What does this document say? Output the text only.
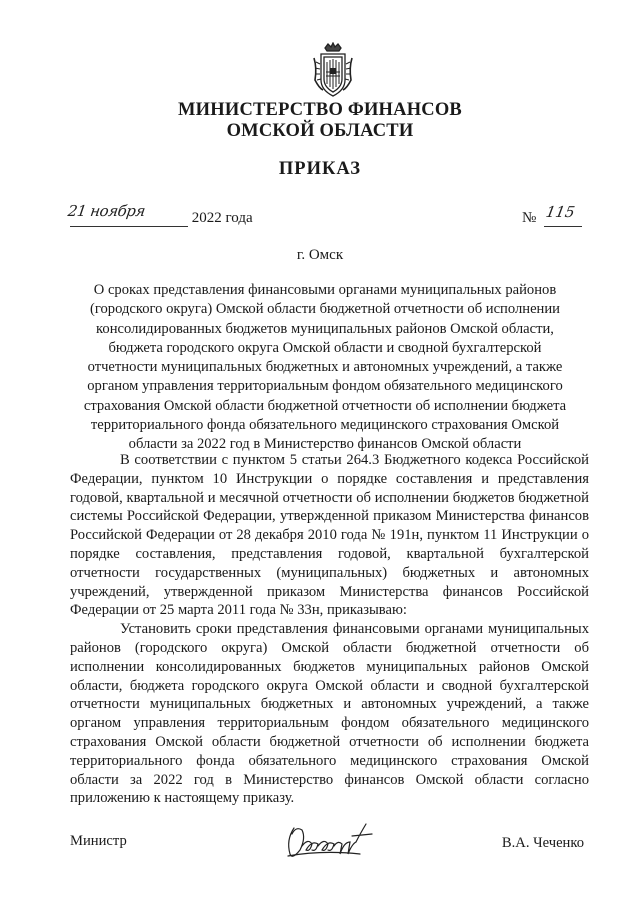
МИНИСТЕРСТВО ФИНАНСОВ
ОМСКОЙ ОБЛАСТИ
ПРИКАЗ
21 ноября	2022 года	№ 115
г. Омск
О сроках представления финансовыми органами муниципальных районов (городского округа) Омской области бюджетной отчетности об исполнении консолидированных бюджетов муниципальных районов Омской области, бюджета городского округа Омской области и сводной бухгалтерской отчетности муниципальных бюджетных и автономных учреждений, а также органом управления территориальным фондом обязательного медицинского страхования Омской области бюджетной отчетности об исполнении бюджета территориального фонда обязательного медицинского страхования Омской области за 2022 год в Министерство финансов Омской области

В соответствии с пунктом 5 статьи 264.3 Бюджетного кодекса Российской Федерации, пунктом 10 Инструкции о порядке составления и представления годовой, квартальной и месячной отчетности об исполнении бюджетов бюджетной системы Российской Федерации, утвержденной приказом Министерства финансов Российской Федерации от 28 декабря 2010 года № 191н, пунктом 11 Инструкции о порядке составления, представления годовой, квартальной бухгалтерской отчетности государственных (муниципальных) бюджетных и автономных учреждений, утвержденной приказом Министерства финансов Российской Федерации от 25 марта 2011 года № 33н, приказываю:

Установить сроки представления финансовыми органами муниципальных районов (городского округа) Омской области бюджетной отчетности об исполнении консолидированных бюджетов муниципальных районов Омской области, бюджета городского округа Омской области и сводной бухгалтерской отчетности муниципальных бюджетных и автономных учреждений, а также органом управления территориальным фондом обязательного медицинского страхования Омской области бюджетной отчетности об исполнении бюджета территориального фонда обязательного медицинского страхования Омской области за 2022 год в Министерство финансов Омской области согласно приложению к настоящему приказу.

Министр	В.А. Чеченко
